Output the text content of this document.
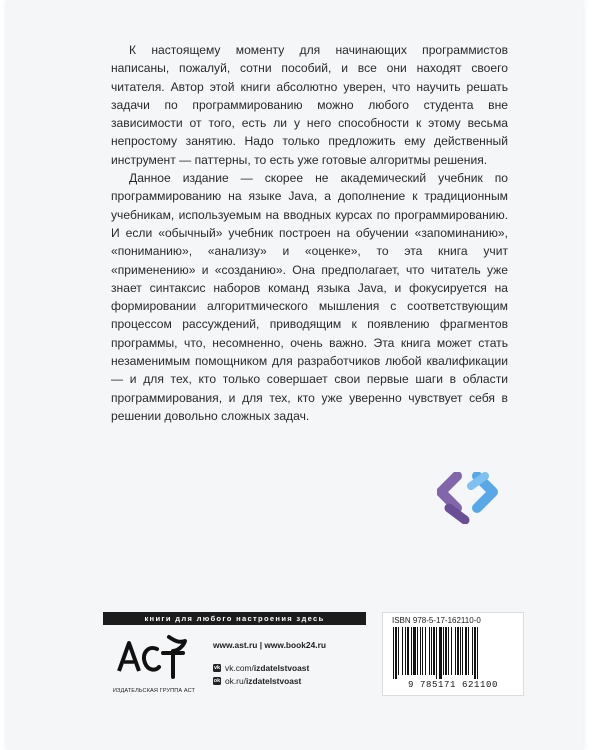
К настоящему моменту для начинающих программистов написаны, пожалуй, сотни пособий, и все они находят своего читателя. Автор этой книги абсолютно уверен, что научить решать задачи по программированию можно любого студента вне зависимости от того, есть ли у него способности к этому весьма непростому занятию. Надо только предложить ему действенный инструмент — паттерны, то есть уже готовые алгоритмы решения.

Данное издание — скорее не академический учебник по программированию на языке Java, а дополнение к традиционным учебникам, используемым на вводных курсах по программированию. И если «обычный» учебник построен на обучении «запоминанию», «пониманию», «анализу» и «оценке», то эта книга учит «применению» и «созданию». Она предполагает, что читатель уже знает синтаксис наборов команд языка Java, и фокусируется на формировании алгоритмического мышления с соответствующим процессом рассуждений, приводящим к появлению фрагментов программы, что, несомненно, очень важно. Эта книга может стать незаменимым помощником для разработчиков любой квалификации — и для тех, кто только совершает свои первые шаги в области программирования, и для тех, кто уже уверенно чувствует себя в решении довольно сложных задач.

книги для любого настроения здесь
ИЗДАТЕЛЬСКАЯ ГРУППА АСТ
www.ast.ru | www.book24.ru
vk vk.com/izdatelstvoast
ok ok.ru/izdatelstvoast
ISBN 978-5-17-162110-0
9 785171 621100
